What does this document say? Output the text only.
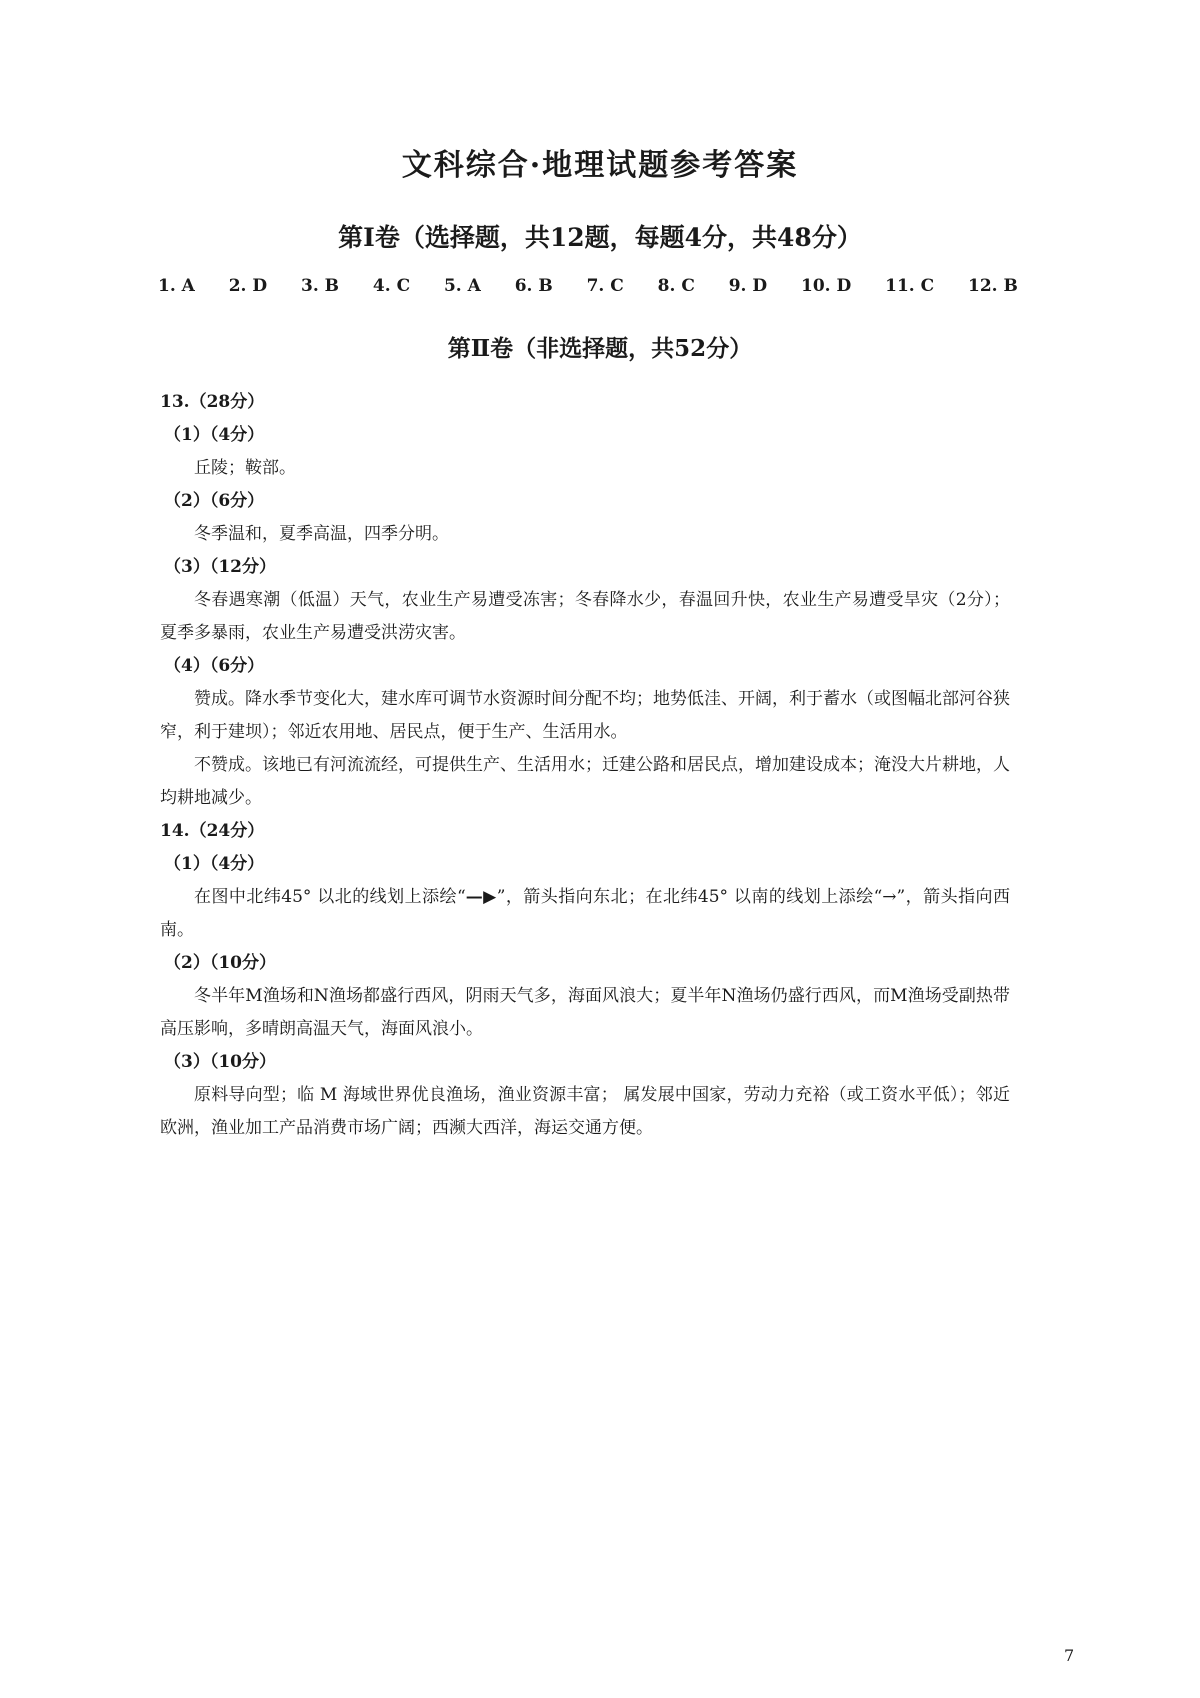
文科综合·地理试题参考答案
第Ⅰ卷（选择题，共12题，每题4分，共48分）
1. A 2. D 3. B 4. C 5. A 6. B 7. C 8. C 9. D 10. D 11. C 12. B
第Ⅱ卷（非选择题，共52分）
13.（28分）
（1）（4分）

丘陵；鞍部。

（2）（6分）

冬季温和，夏季高温，四季分明。

（3）（12分）

冬春遇寒潮（低温）天气，农业生产易遭受冻害；冬春降水少，春温回升快，农业生产易遭受旱灾（2分）；夏季多暴雨，农业生产易遭受洪涝灾害。

（4）（6分）

赞成。降水季节变化大，建水库可调节水资源时间分配不均；地势低洼、开阔，利于蓄水（或图幅北部河谷狭窄，利于建坝）；邻近农用地、居民点，便于生产、生活用水。

不赞成。该地已有河流流经，可提供生产、生活用水；迁建公路和居民点，增加建设成本；淹没大片耕地，人均耕地减少。

14.（24分）
（1）（4分）

在图中北纬45° 以北的线划上添绘“—▶”，箭头指向东北；在北纬45° 以南的线划上添绘“→”，箭头指向西南。

（2）（10分）

冬半年M渔场和N渔场都盛行西风，阴雨天气多，海面风浪大；夏半年N渔场仍盛行西风，而M渔场受副热带高压影响，多晴朗高温天气，海面风浪小。

（3）（10分）

原料导向型；临 M 海域世界优良渔场，渔业资源丰富； 属发展中国家，劳动力充裕（或工资水平低）；邻近欧洲，渔业加工产品消费市场广阔；西濒大西洋，海运交通方便。

7
